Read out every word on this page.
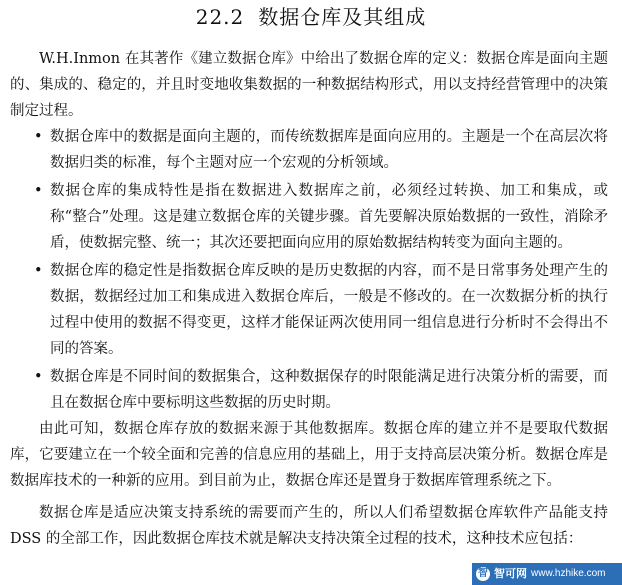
22.2 数据仓库及其组成

W.H.Inmon 在其著作《建立数据仓库》中给出了数据仓库的定义：数据仓库是面向主题的、集成的、稳定的，并且时变地收集数据的一种数据结构形式，用以支持经营管理中的决策制定过程。

• 数据仓库中的数据是面向主题的，而传统数据库是面向应用的。主题是一个在高层次将数据归类的标准，每个主题对应一个宏观的分析领域。
• 数据仓库的集成特性是指在数据进入数据库之前，必须经过转换、加工和集成，或称“整合”处理。这是建立数据仓库的关键步骤。首先要解决原始数据的一致性，消除矛盾，使数据完整、统一；其次还要把面向应用的原始数据结构转变为面向主题的。
• 数据仓库的稳定性是指数据仓库反映的是历史数据的内容，而不是日常事务处理产生的数据，数据经过加工和集成进入数据仓库后，一般是不修改的。在一次数据分析的执行过程中使用的数据不得变更，这样才能保证两次使用同一组信息进行分析时不会得出不同的答案。
• 数据仓库是不同时间的数据集合，这种数据保存的时限能满足进行决策分析的需要，而且在数据仓库中要标明这些数据的历史时期。

由此可知，数据仓库存放的数据来源于其他数据库。数据仓库的建立并不是要取代数据库，它要建立在一个较全面和完善的信息应用的基础上，用于支持高层决策分析。数据仓库是数据库技术的一种新的应用。到目前为止，数据仓库还是置身于数据库管理系统之下。

数据仓库是适应决策支持系统的需要而产生的，所以人们希望数据仓库软件产品能支持 DSS 的全部工作，因此数据仓库技术就是解决支持决策全过程的技术，这种技术应包括：

智 智可网 www.hzhike.com
